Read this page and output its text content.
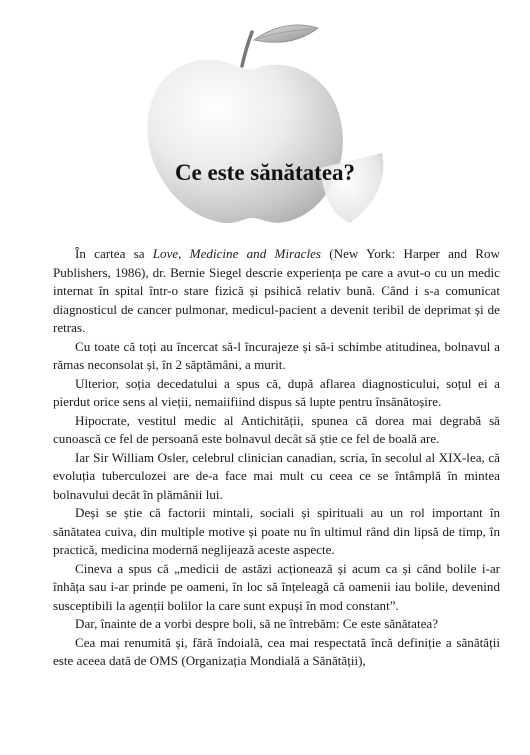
Ce este sănătatea?

În cartea sa Love, Medicine and Miracles (New York: Harper and Row Publishers, 1986), dr. Bernie Siegel descrie experiența pe care a avut-o cu un medic internat în spital într-o stare fizică și psihică relativ bună. Când i s-a comunicat diagnosticul de cancer pulmonar, medicul-pacient a devenit teribil de deprimat și de retras.

Cu toate că toți au încercat să-l încurajeze și să-i schimbe atitudinea, bolnavul a rămas neconsolat și, în 2 săptămâni, a murit.

Ulterior, soția decedatului a spus că, după aflarea diagnosticului, soțul ei a pierdut orice sens al vieții, nemaiifiind dispus să lupte pentru însănătoșire.

Hipocrate, vestitul medic al Antichității, spunea că dorea mai degrabă să cunoască ce fel de persoană este bolnavul decât să știe ce fel de boală are.

Iar Sir William Osler, celebrul clinician canadian, scria, în secolul al XIX-lea, că evoluția tuberculozei are de-a face mai mult cu ceea ce se întâmplă în mintea bolnavului decât în plămânii lui.

Deși se știe că factorii mintali, sociali și spirituali au un rol important în sănătatea cuiva, din multiple motive și poate nu în ultimul rând din lipsă de timp, în practică, medicina modernă neglijează aceste aspecte.

Cineva a spus că „medicii de astăzi acționează și acum ca și când bolile i-ar înhăța sau i-ar prinde pe oameni, în loc să înțeleagă că oamenii iau bolile, devenind susceptibili la agenții bolilor la care sunt expuși în mod constant”.

Dar, înainte de a vorbi despre boli, să ne întrebăm: Ce este sănătatea?

Cea mai renumită și, fără îndoială, cea mai respectată încă definiție a sănătății este aceea dată de OMS (Organizația Mondială a Sănătății),
